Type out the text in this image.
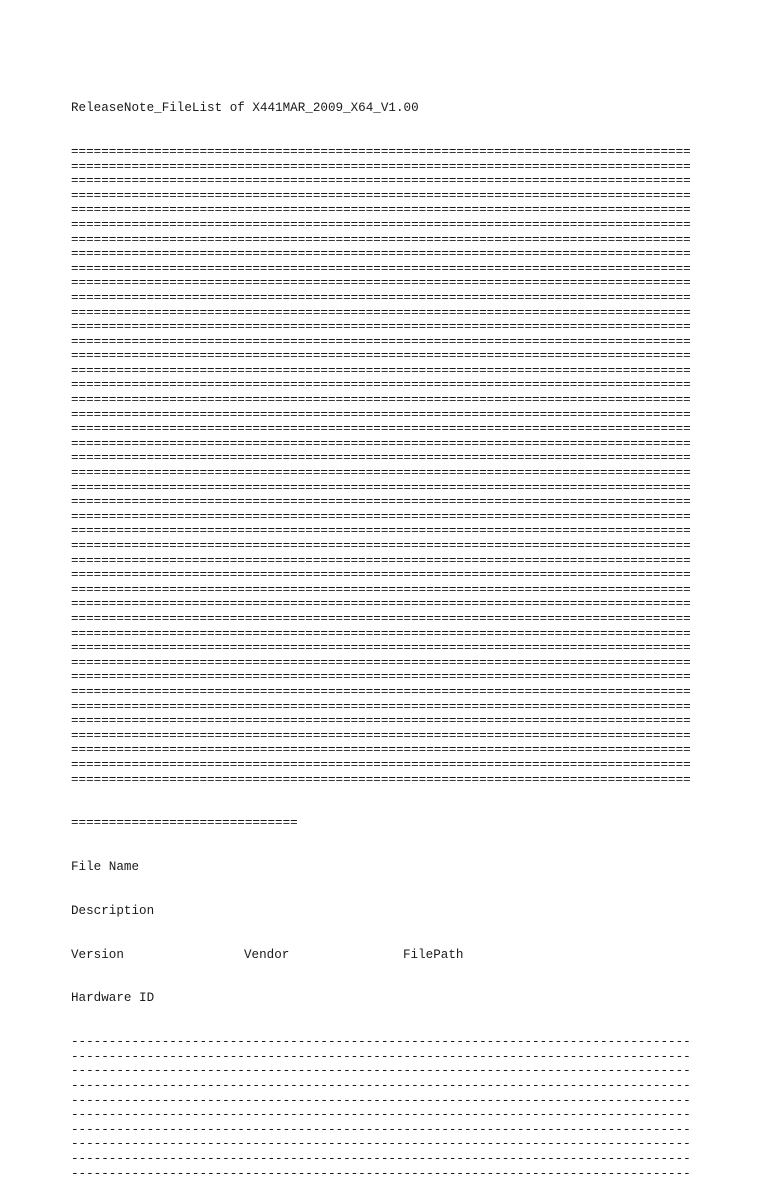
ReleaseNote_FileList of X441MAR_2009_X64_V1.00

==================================================================================
==================================================================================
==================================================================================
==================================================================================
==================================================================================
==================================================================================
==================================================================================
==================================================================================
==================================================================================
==================================================================================
==================================================================================
==================================================================================
==================================================================================
==================================================================================
==================================================================================
==================================================================================
==================================================================================
==================================================================================
==================================================================================
==================================================================================
==================================================================================
==================================================================================
==================================================================================
==================================================================================
==================================================================================
==================================================================================
==================================================================================
==================================================================================
==================================================================================
==================================================================================
==================================================================================
==================================================================================
==================================================================================
==================================================================================
==================================================================================
==================================================================================
==================================================================================
==================================================================================
==================================================================================
==================================================================================
==================================================================================
==================================================================================
==================================================================================
==================================================================================

==============================

File Name

Description

Version

	Vendor

	FilePath

Hardware ID

----------------------------------------------------------------------------------
----------------------------------------------------------------------------------
----------------------------------------------------------------------------------
----------------------------------------------------------------------------------
----------------------------------------------------------------------------------
----------------------------------------------------------------------------------
----------------------------------------------------------------------------------
----------------------------------------------------------------------------------
----------------------------------------------------------------------------------
----------------------------------------------------------------------------------
